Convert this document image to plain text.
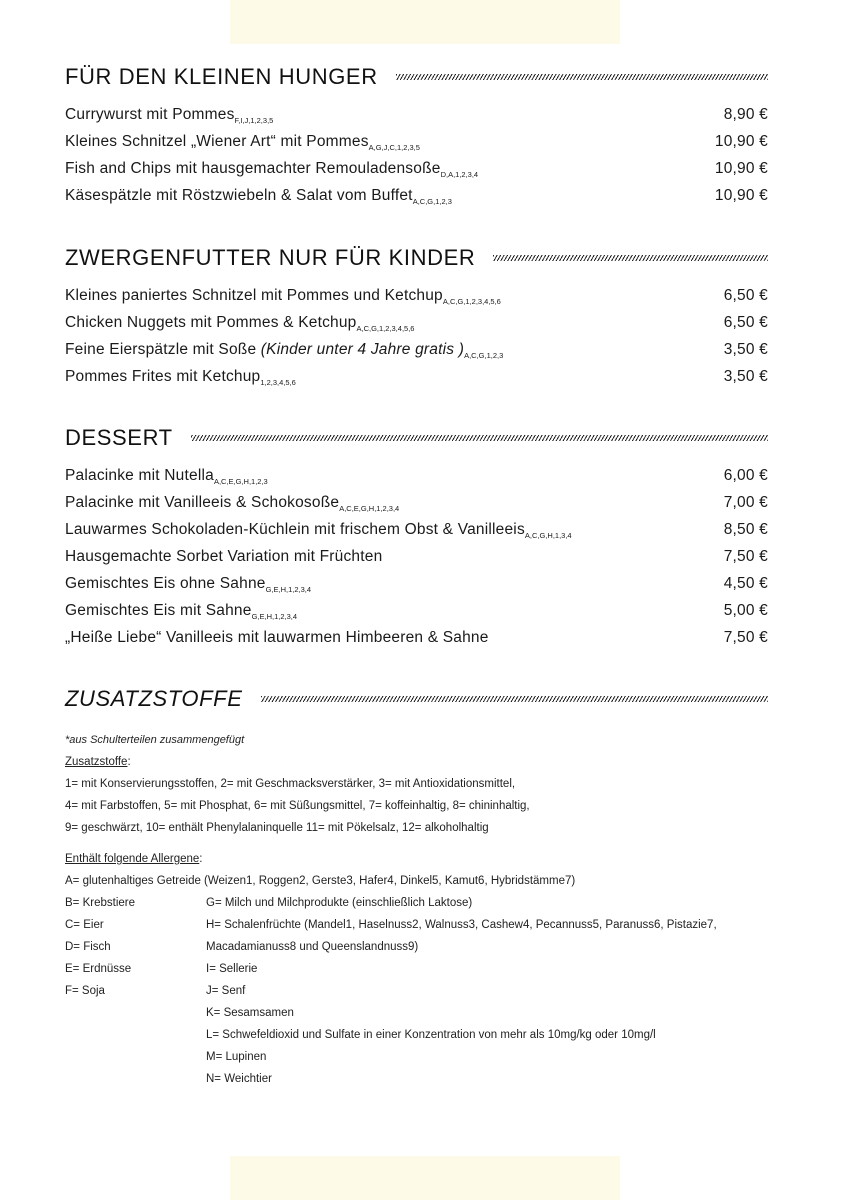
FÜR DEN KLEINEN HUNGER
Currywurst mit Pommes$_{F,I,J,1,2,3,5}$	8,90 €
Kleines Schnitzel „Wiener Art“ mit Pommes$_{A,G,J,C,1,2,3,5}$	10,90 €
Fish and Chips mit hausgemachter Remouladensoße$_{D,A,1,2,3,4}$	10,90 €
Käsespätzle mit Röstzwiebeln & Salat vom Buffet$_{A,C,G,1,2,3}$	10,90 €
ZWERGENFUTTER NUR FÜR KINDER
Kleines paniertes Schnitzel mit Pommes und Ketchup$_{A,C,G,1,2,3,4,5,6}$	6,50 €
Chicken Nuggets mit Pommes & Ketchup$_{A,C,G,1,2,3,4,5,6}$	6,50 €
Feine Eierspätzle mit Soße (Kinder unter 4 Jahre gratis )$_{A,C,G,1,2,3}$	3,50 €
Pommes Frites mit Ketchup$_{1,2,3,4,5,6}$	3,50 €
DESSERT
Palacinke mit Nutella$_{A,C,E,G,H,1,2,3}$	6,00 €
Palacinke mit Vanilleeis & Schokosoße$_{A,C,E,G,H,1,2,3,4}$	7,00 €
Lauwarmes Schokoladen-Küchlein mit frischem Obst & Vanilleeis$_{A,C,G,H,1,3,4}$	8,50 €
Hausgemachte Sorbet Variation mit Früchten	7,50 €
Gemischtes Eis ohne Sahne$_{G,E,H,1,2,3,4}$	4,50 €
Gemischtes Eis mit Sahne$_{G,E,H,1,2,3,4}$	5,00 €
„Heiße Liebe“ Vanilleeis mit lauwarmen Himbeeren & Sahne	7,50 €
ZUSATZSTOFFE
*aus Schulterteilen zusammengefügt
Zusatzstoffe:
1= mit Konservierungsstoffen, 2= mit Geschmacksverstärker, 3= mit Antioxidationsmittel,
4= mit Farbstoffen, 5= mit Phosphat, 6= mit Süßungsmittel, 7= koffeinhaltig, 8= chininhaltig,
9= geschwärzt, 10= enthält Phenylalaninquelle 11= mit Pökelsalz, 12= alkoholhaltig
Enthält folgende Allergene:
A= glutenhaltiges Getreide (Weizen1, Roggen2, Gerste3, Hafer4, Dinkel5, Kamut6, Hybridstämme7)
B= Krebstiere	G= Milch und Milchprodukte (einschließlich Laktose)
C= Eier	H= Schalenfrüchte (Mandel1, Haselnuss2, Walnuss3, Cashew4, Pecannuss5, Paranuss6, Pistazie7,
D= Fisch	Macadamianuss8 und Queenslandnuss9)
E= Erdnüsse	I= Sellerie
F= Soja	J= Senf
K= Sesamsamen
L= Schwefeldioxid und Sulfate in einer Konzentration von mehr als 10mg/kg oder 10mg/l
M= Lupinen
N= Weichtier
